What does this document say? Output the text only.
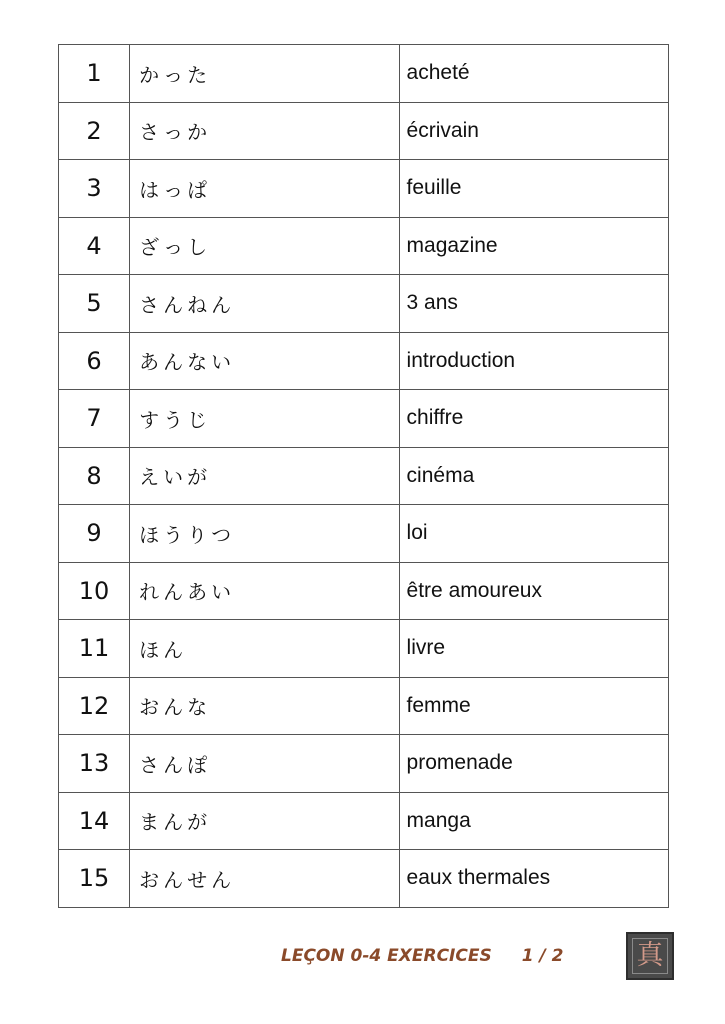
1	かった	acheté
2	さっか	écrivain
3	はっぱ	feuille
4	ざっし	magazine
5	さんねん	3 ans
6	あんない	introduction
7	すうじ	chiffre
8	えいが	cinéma
9	ほうりつ	loi
10	れんあい	être amoureux
11	ほん	livre
12	おんな	femme
13	さんぽ	promenade
14	まんが	manga
15	おんせん	eaux thermales
LEÇON 0-4 EXERCICES 1 / 2	真
